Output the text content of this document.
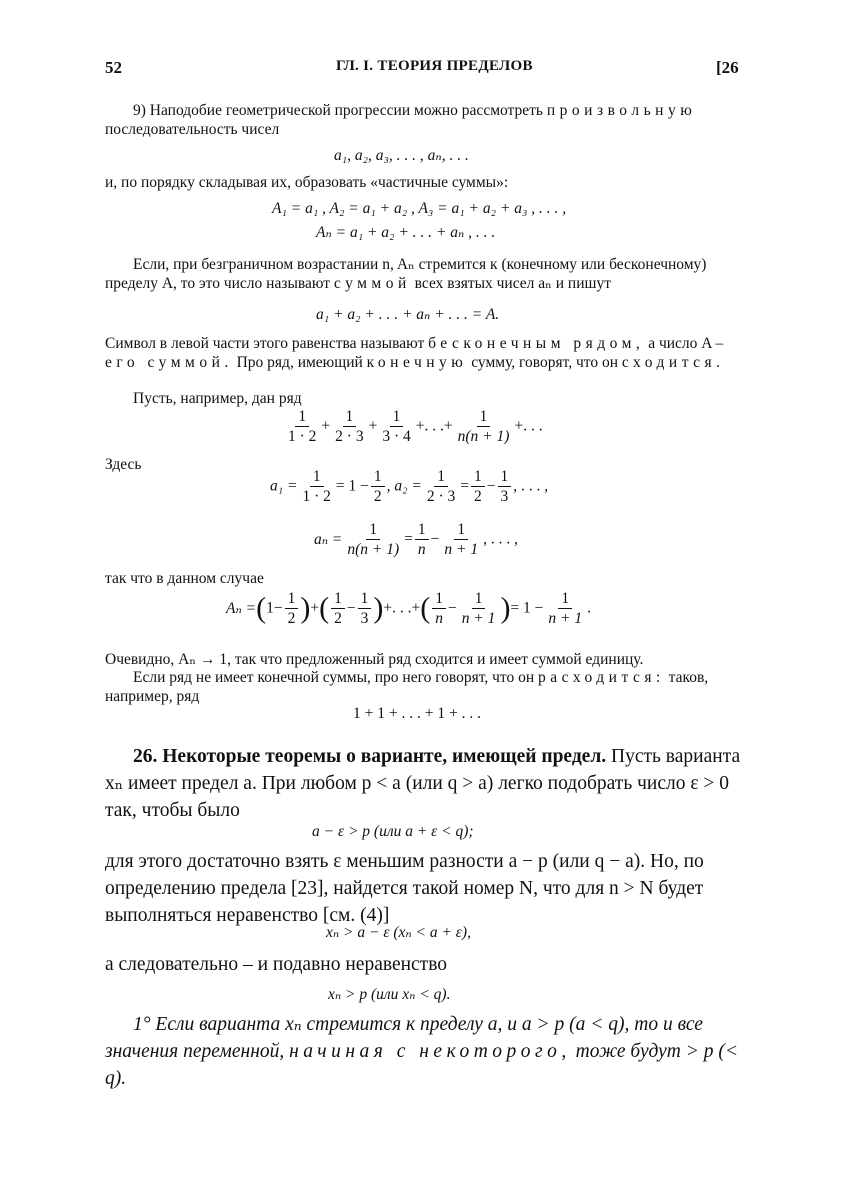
52	ГЛ. I. ТЕОРИЯ ПРЕДЕЛОВ	[26
9) Наподобие геометрической прогрессии можно рассмотреть произвольную последовательность чисел
a₁, a₂, a₃, . . . , aₙ, . . .
и, по порядку складывая их, образовать «частичные суммы»:
A₁ = a₁ , A₂ = a₁ + a₂ , A₃ = a₁ + a₂ + a₃ , . . . ,
Aₙ = a₁ + a₂ + . . . + aₙ , . . .
Если, при безграничном возрастании n, Aₙ стремится к (конечному или бесконечному) пределу A, то это число называют суммой всех взятых чисел aₙ и пишут
a₁ + a₂ + . . . + aₙ + . . . = A.
Символ в левой части этого равенства называют бесконечным рядом, а число A – его суммой. Про ряд, имеющий конечную сумму, говорят, что он сходится.
Пусть, например, дан ряд
$\frac{1}{1 \cdot 2} + \frac{1}{2 \cdot 3} + \frac{1}{3 \cdot 4}$ +. . .+ $\frac{1}{n(n + 1)}$ +. . .
Здесь
$a_1 = \frac{1}{1 \cdot 2} = 1 - \frac{1}{2}$ , $a_2 = \frac{1}{2 \cdot 3} = \frac{1}{2} - \frac{1}{3}$ , . . . ,
$a_n = \frac{1}{n(n + 1)} = \frac{1}{n} - \frac{1}{n + 1}$ , . . . ,
так что в данном случае
$A_n =(1- \frac{1}{2}$ )+( $\frac{1}{2} - \frac{1}{3}$ )+. . .+( $\frac{1}{n} - \frac{1}{n + 1}$ )= $1 - \frac{1}{n + 1}$ .
Очевидно, Aₙ → 1, так что предложенный ряд сходится и имеет суммой единицу.
Если ряд не имеет конечной суммы, про него говорят, что он расходится: таков, например, ряд
1 + 1 + . . . + 1 + . . .
26. Некоторые теоремы о варианте, имеющей предел. Пусть варианта xₙ имеет предел a. При любом p < a (или q > a) легко подобрать число ε > 0 так, чтобы было
a − ε > p (или a + ε < q);
для этого достаточно взять ε меньшим разности a − p (или q − a). Но, по определению предела [23], найдется такой номер N, что для n > N будет выполняться неравенство [см. (4)]
xₙ > a − ε (xₙ < a + ε),
а следовательно – и подавно неравенство
xₙ > p (или xₙ < q).
1° Если варианта xₙ стремится к пределу a, и a > p (a < q), то и все значения переменной, начиная с некоторого, тоже будут > p (< q).
